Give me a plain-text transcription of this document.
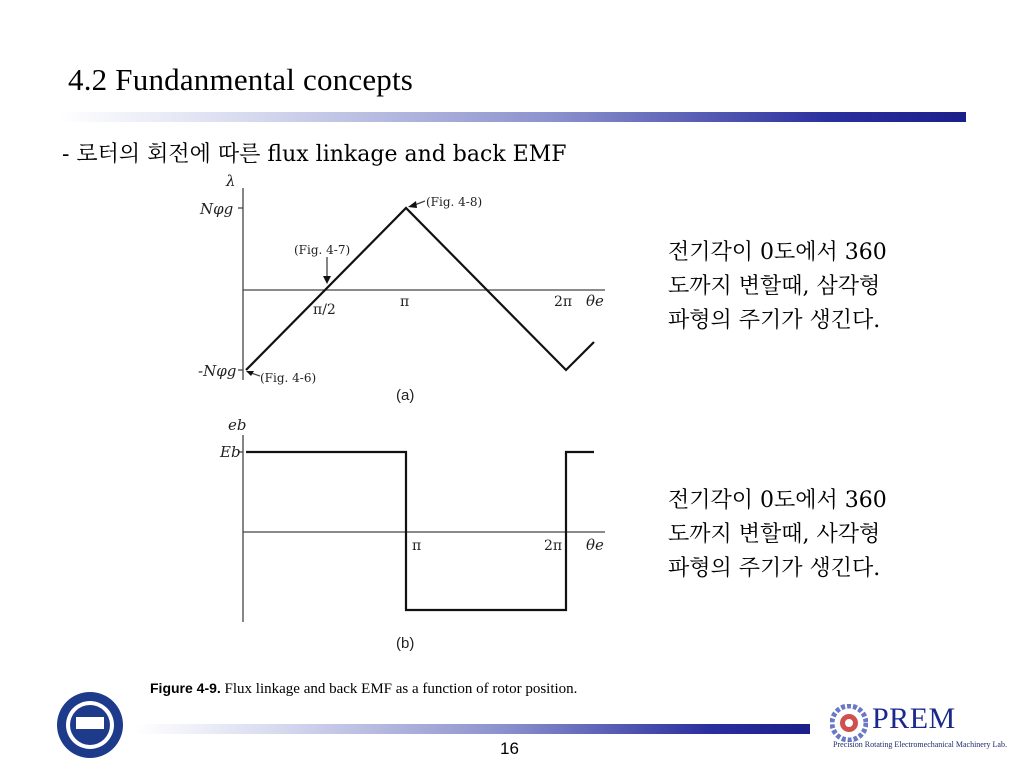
4.2 Fundanmental concepts
- 로터의 회전에 따른 flux linkage and back EMF
λ
Nφg
-Nφg
π/2	π	2π θe
(Fig. 4-8)
(Fig. 4-7)
(Fig. 4-6)
eb
Eb
π	2π θe
(a)
(b)
Figure 4-9. Flux linkage and back EMF as a function of rotor position.
전기각이 0도에서 360
도까지 변할때, 삼각형
파형의 주기가 생긴다.
전기각이 0도에서 360
도까지 변할때, 사각형
파형의 주기가 생긴다.
PREM
Precision Rotating Electromechanical Machinery Lab.
16
